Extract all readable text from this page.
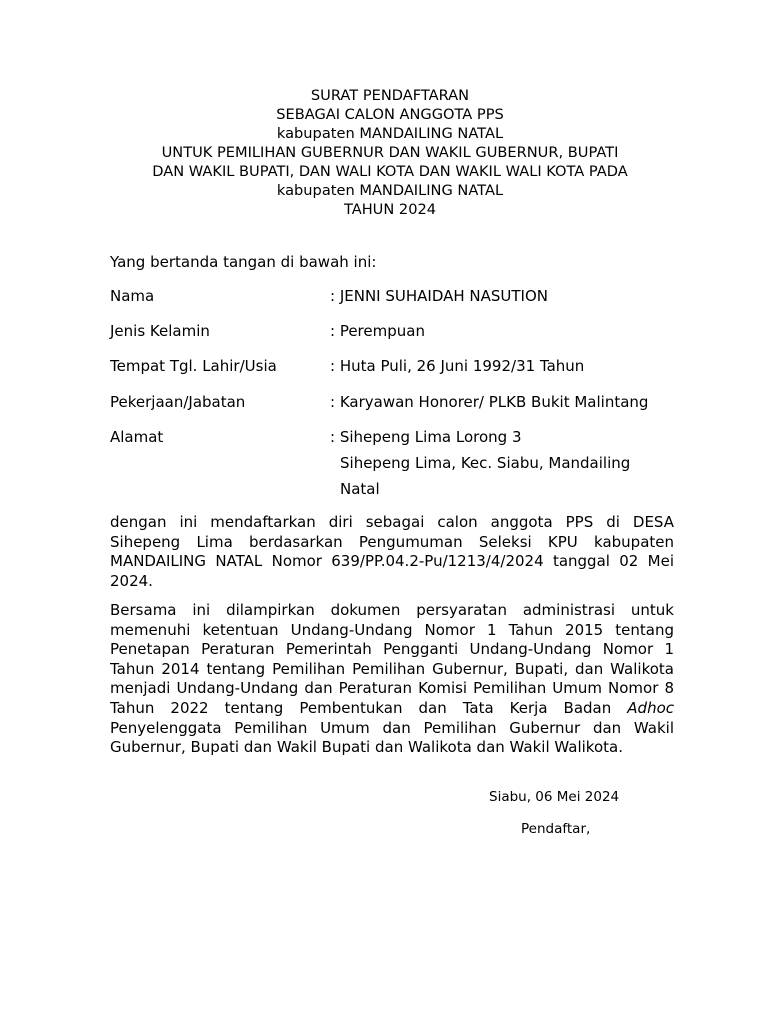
SURAT PENDAFTARAN
SEBAGAI CALON ANGGOTA PPS
kabupaten MANDAILING NATAL
UNTUK PEMILIHAN GUBERNUR DAN WAKIL GUBERNUR, BUPATI
DAN WAKIL BUPATI, DAN WALI KOTA DAN WAKIL WALI KOTA PADA
kabupaten MANDAILING NATAL
TAHUN 2024
Yang bertanda tangan di bawah ini:
Nama	: JENNI SUHAIDAH NASUTION
Jenis Kelamin	: Perempuan
Tempat Tgl. Lahir/Usia	: Huta Puli, 26 Juni 1992/31 Tahun
Pekerjaan/Jabatan	: Karyawan Honorer/ PLKB Bukit Malintang
Alamat	: Sihepeng Lima Lorong 3
Sihepeng Lima, Kec. Siabu, Mandailing
Natal
dengan ini mendaftarkan diri sebagai calon anggota PPS di DESA Sihepeng Lima berdasarkan Pengumuman Seleksi KPU kabupaten MANDAILING NATAL Nomor 639/PP.04.2-Pu/1213/4/2024 tanggal 02 Mei 2024.
Bersama ini dilampirkan dokumen persyaratan administrasi untuk memenuhi ketentuan Undang-Undang Nomor 1 Tahun 2015 tentang Penetapan Peraturan Pemerintah Pengganti Undang-Undang Nomor 1 Tahun 2014 tentang Pemilihan Pemilihan Gubernur, Bupati, dan Walikota menjadi Undang-Undang dan Peraturan Komisi Pemilihan Umum Nomor 8 Tahun 2022 tentang Pembentukan dan Tata Kerja Badan Adhoc Penyelenggata Pemilihan Umum dan Pemilihan Gubernur dan Wakil Gubernur, Bupati dan Wakil Bupati dan Walikota dan Wakil Walikota.
Siabu, 06 Mei 2024
Pendaftar,
